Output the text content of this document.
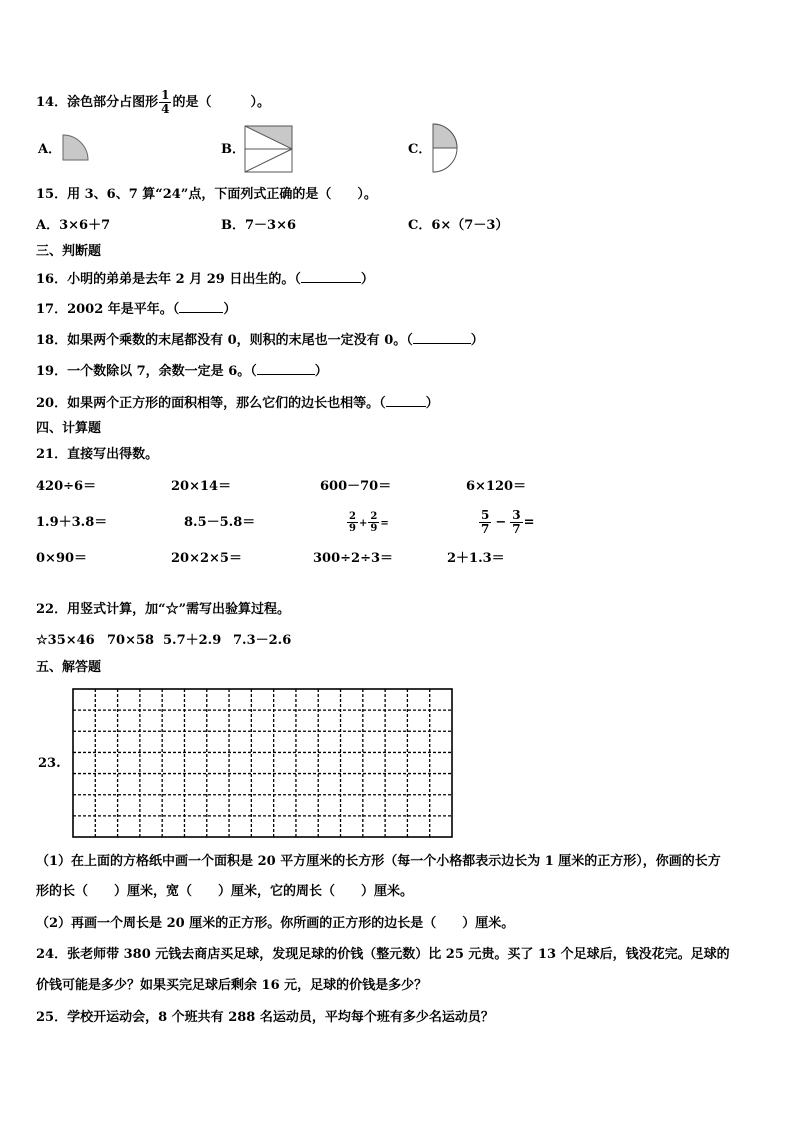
14．涂色部分占图形 $\frac{1}{4}$ 的是（　　　）。
A．	B．	C．
15．用 3、6、7 算“24”点，下面列式正确的是（　　）。
A．3×6＋7	B．7－3×6	C．6×（7－3）
三、判断题
16．小明的弟弟是去年 2 月 29 日出生的。（	）
17．2002 年是平年。（	）
18．如果两个乘数的末尾都没有 0，则积的末尾也一定没有 0。（	）
19．一个数除以 7，余数一定是 6。（	）
20．如果两个正方形的面积相等，那么它们的边长也相等。（	）
四、计算题
21．直接写出得数。
420÷6＝	20×14＝	600－70＝	6×120＝
1.9＋3.8＝	8.5－5.8＝	$\frac{2}{9} + \frac{2}{9}$ =	$\frac{5}{7} - \frac{3}{7}$ =
0×90＝	20×2×5＝	300÷2÷3＝	2＋1.3＝
22．用竖式计算，加“☆”需写出验算过程。
☆35×46 70×58 5.7＋2.9 7.3－2.6
五、解答题
23.
（1）在上面的方格纸中画一个面积是 20 平方厘米的长方形（每一个小格都表示边长为 1 厘米的正方形），你画的长方
形的长（　　）厘米，宽（　　）厘米，它的周长（　　）厘米。
（2）再画一个周长是 20 厘米的正方形。你所画的正方形的边长是（　　）厘米。
24．张老师带 380 元钱去商店买足球，发现足球的价钱（整元数）比 25 元贵。买了 13 个足球后，钱没花完。足球的
价钱可能是多少？如果买完足球后剩余 16 元，足球的价钱是多少？
25．学校开运动会，8 个班共有 288 名运动员，平均每个班有多少名运动员？
